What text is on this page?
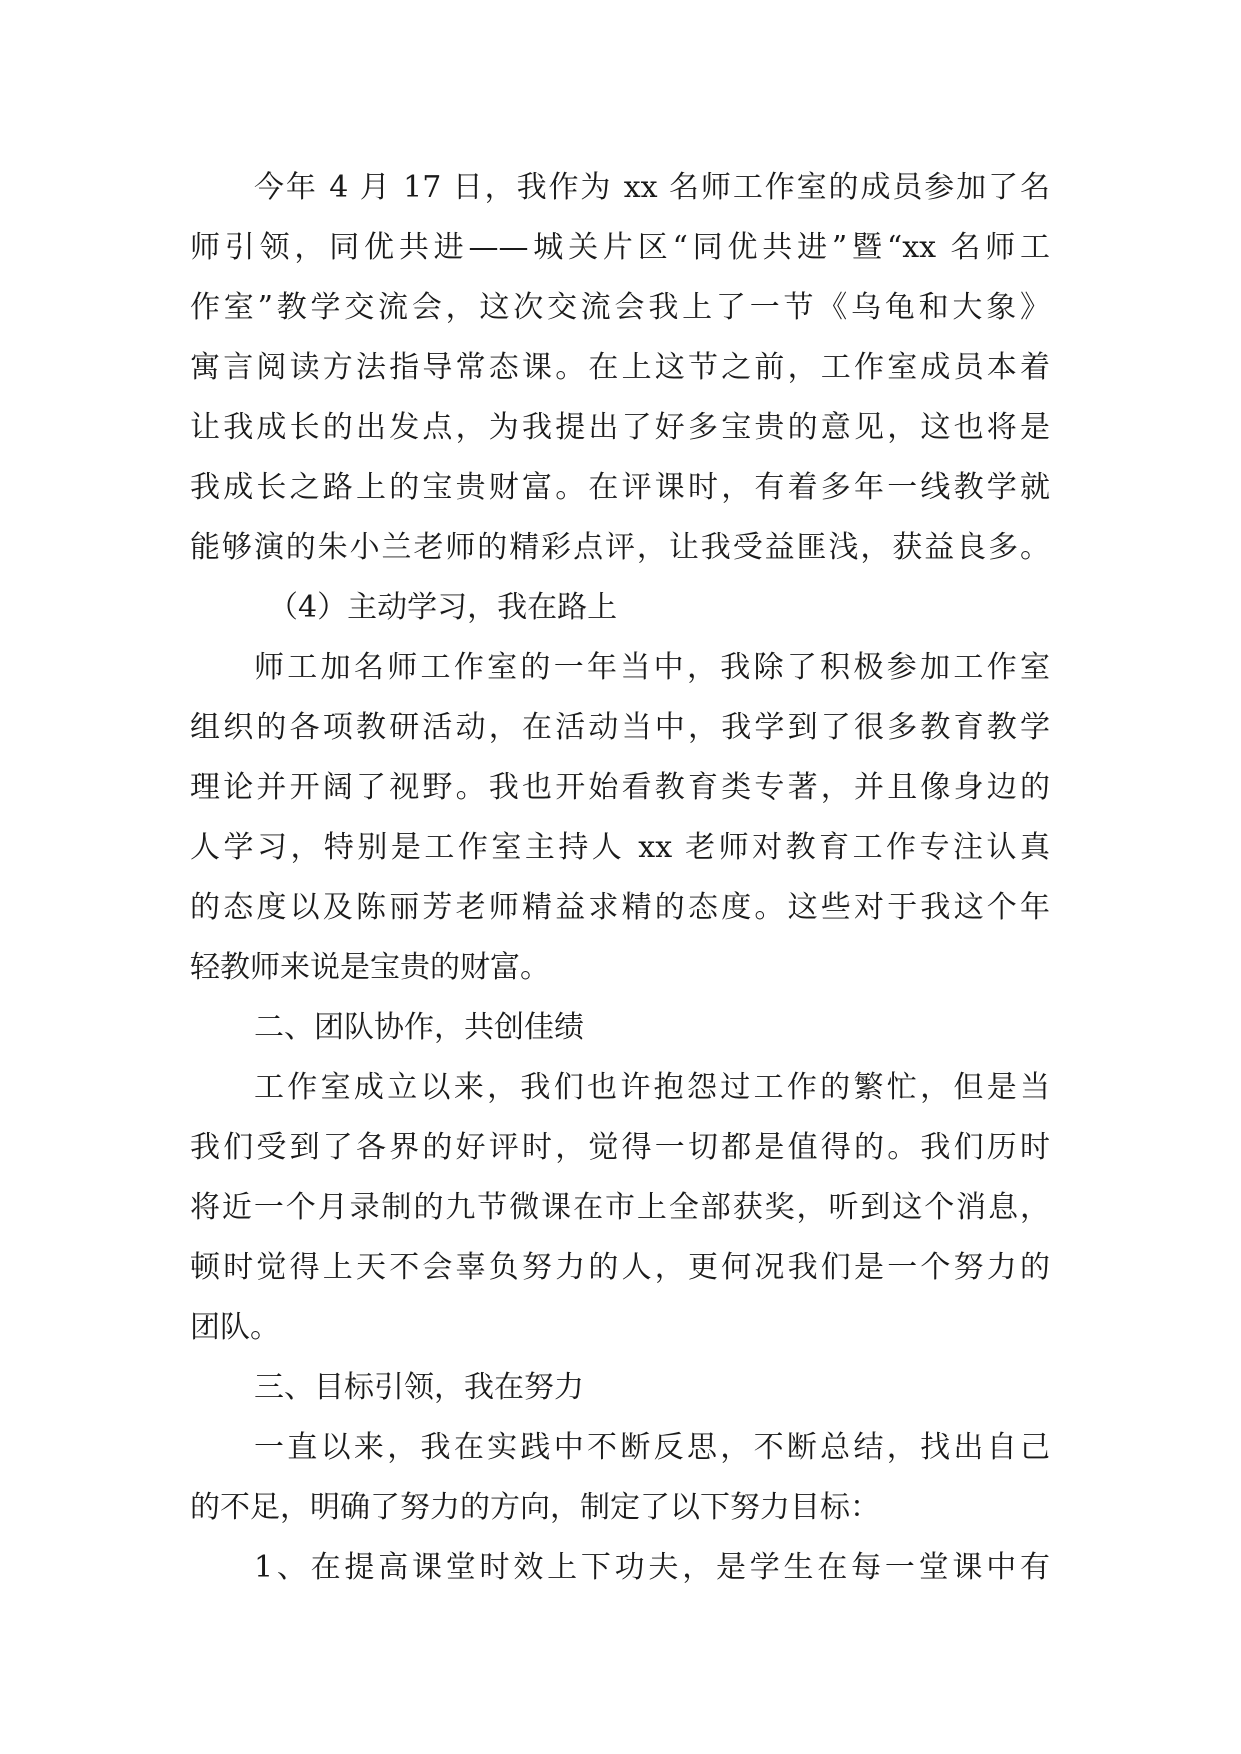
今年 4 月 17 日，我作为 xx 名师工作室的成员参加了名
师引领，同优共进——城关片区“同优共进”暨“xx 名师工
作室”教学交流会，这次交流会我上了一节《乌龟和大象》
寓言阅读方法指导常态课。在上这节之前，工作室成员本着
让我成长的出发点，为我提出了好多宝贵的意见，这也将是
我成长之路上的宝贵财富。在评课时，有着多年一线教学就
能够演的朱小兰老师的精彩点评，让我受益匪浅，获益良多。
（4）主动学习，我在路上
师工加名师工作室的一年当中，我除了积极参加工作室
组织的各项教研活动，在活动当中，我学到了很多教育教学
理论并开阔了视野。我也开始看教育类专著，并且像身边的
人学习，特别是工作室主持人 xx 老师对教育工作专注认真
的态度以及陈丽芳老师精益求精的态度。这些对于我这个年
轻教师来说是宝贵的财富。
二、团队协作，共创佳绩
工作室成立以来，我们也许抱怨过工作的繁忙，但是当
我们受到了各界的好评时，觉得一切都是值得的。我们历时
将近一个月录制的九节微课在市上全部获奖，听到这个消息，
顿时觉得上天不会辜负努力的人，更何况我们是一个努力的
团队。
三、目标引领，我在努力
一直以来，我在实践中不断反思，不断总结，找出自己
的不足，明确了努力的方向，制定了以下努力目标：
1、在提高课堂时效上下功夫，是学生在每一堂课中有
